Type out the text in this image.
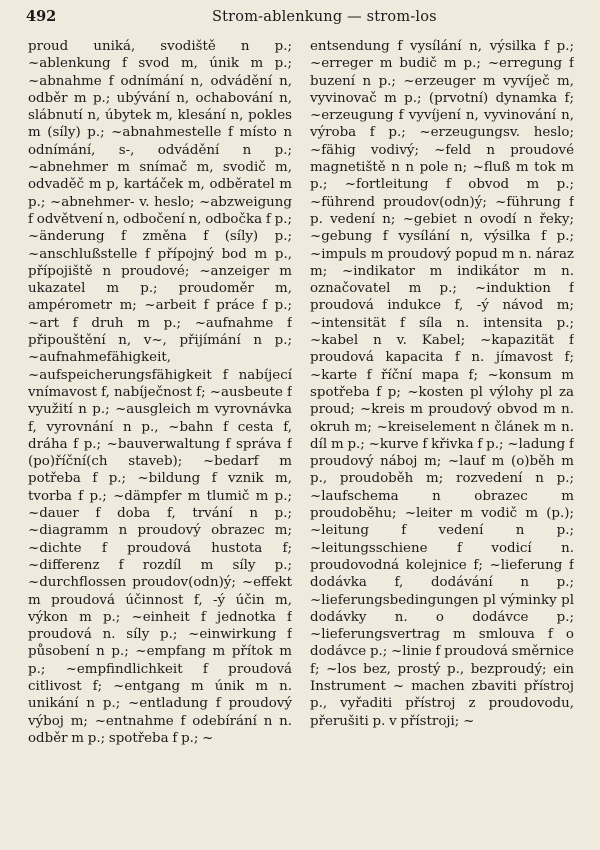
492	Strom-ablenkung — strom-los

proud uniká, svodiště n p.; ~ablenkung f svod m, únik m p.; ~abnahme f odnímání n, odvádění n, odběr m p.; ubývání n, ochabování n, slábnutí n, úbytek m, klesání n, pokles m (síly) p.; ~abnahmestelle f místo n odnímání, s-, odvádění n p.; ~abnehmer m snímač m, svodič m, odvaděč m p, kartáček m, odběratel m p.; ~abnehmer- v. heslo; ~abzweigung f odvětvení n, odbočení n, odbočka f p.; ~änderung f změna f (síly) p.; ~anschlußstelle f přípojný bod m p., přípojiště n proudové; ~anzeiger m ukazatel m p.; proudoměr m, ampérometr m; ~arbeit f práce f p.; ~art f druh m p.; ~aufnahme f připouštění n, v~, přijímání n p.; ~aufnahmefähigkeit, ~aufspeicherungsfähigkeit f nabíjecí vnímavost f, nabíječnost f; ~ausbeute f využití n p.; ~ausgleich m vyrovnávka f, vyrovnání n p., ~bahn f cesta f, dráha f p.; ~bauverwaltung f správa f (po)říční(ch staveb); ~bedarf m potřeba f p.; ~bildung f vznik m, tvorba f p.; ~dämpfer m tlumič m p.; ~dauer f doba f, trvání n p.; ~diagramm n proudový obrazec m; ~dichte f proudová hustota f; ~differenz f rozdíl m síly p.; ~durchflossen proudov(odn)ý; ~effekt m proudová účinnost f, -ý účin m, výkon m p.; ~einheit f jednotka f proudová n. síly p.; ~einwirkung f působení n p.; ~empfang m přítok m p.; ~empfindlichkeit f proudová citlivost f; ~entgang m únik m n. unikání n p.; ~entladung f proudový výboj m; ~entnahme f odebírání n n. odběr m p.; spotřeba f p.; ~

entsendung f vysílání n, výsilka f p.; ~erreger m budič m p.; ~erregung f buzení n p.; ~erzeuger m vyvíječ m, vyvinovač m p.; (prvotní) dynamka f; ~erzeugung f vyvíjení n, vyvinování n, výroba f p.; ~erzeugungsv. heslo; ~fähig vodivý; ~feld n proudové magnetiště n n pole n; ~fluß m tok m p.; ~fortleitung f obvod m p.; ~führend proudov(odn)ý; ~führung f p. vedení n; ~gebiet n ovodí n řeky; ~gebung f vysílání n, výsilka f p.; ~impuls m proudový popud m n. náraz m; ~indikator m indikátor m n. označovatel m p.; ~induktion f proudová indukce f, -ý návod m; ~intensität f síla n. intensita p.; ~kabel n v. Kabel; ~kapazität f proudová kapacita f n. jímavost f; ~karte f říční mapa f; ~konsum m spotřeba f p; ~kosten pl výlohy pl za proud; ~kreis m proudový obvod m n. okruh m; ~kreiselement n článek m n. díl m p.; ~kurve f křivka f p.; ~ladung f proudový náboj m; ~lauf m (o)běh m p., proudoběh m; rozvedení n p.; ~laufschema n obrazec m proudoběhu; ~leiter m vodič m (p.); ~leitung f vedení n p.; ~leitungsschiene f vodicí n. proudovodná kolejnice f; ~lieferung f dodávka f, dodávání n p.; ~lieferungsbedingungen pl výminky pl dodávky n. o dodávce p.; ~lieferungsvertrag m smlouva f o dodávce p.; ~linie f proudová směrnice f; ~los bez, prostý p., bezproudý; ein Instrument ~ machen zbaviti přístroj p., vyřaditi přístroj z proudovodu, přerušiti p. v přístroji; ~
